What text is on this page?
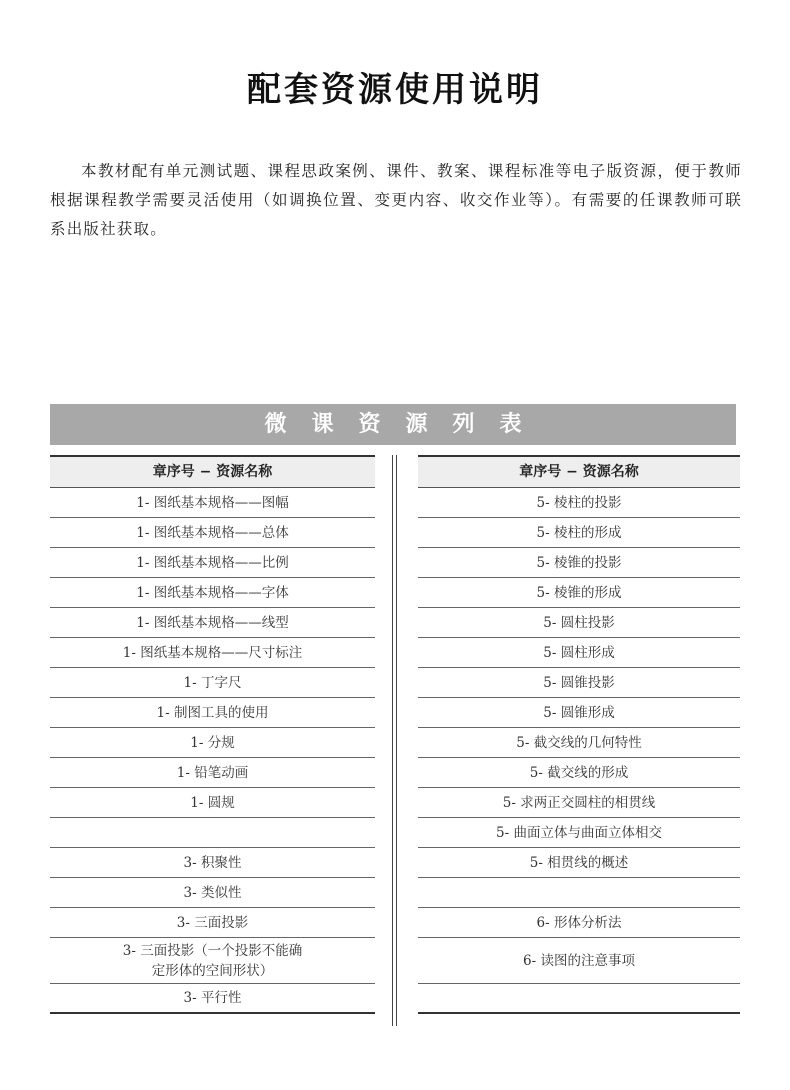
配套资源使用说明

本教材配有单元测试题、课程思政案例、课件、教案、课程标准等电子版资源，便于教师根据课程教学需要灵活使用（如调换位置、变更内容、收交作业等）。有需要的任课教师可联系出版社获取。

微课资源列表
章序号 − 资源名称
1- 图纸基本规格——图幅
1- 图纸基本规格——总体
1- 图纸基本规格——比例
1- 图纸基本规格——字体
1- 图纸基本规格——线型
1- 图纸基本规格——尺寸标注
1- 丁字尺
1- 制图工具的使用
1- 分规
1- 铅笔动画
1- 圆规
3- 积聚性
3- 类似性
3- 三面投影
3- 三面投影（一个投影不能确定形体的空间形状）
3- 平行性
章序号 − 资源名称
5- 棱柱的投影
5- 棱柱的形成
5- 棱锥的投影
5- 棱锥的形成
5- 圆柱投影
5- 圆柱形成
5- 圆锥投影
5- 圆锥形成
5- 截交线的几何特性
5- 截交线的形成
5- 求两正交圆柱的相贯线
5- 曲面立体与曲面立体相交
5- 相贯线的概述
6- 形体分析法
6- 读图的注意事项
